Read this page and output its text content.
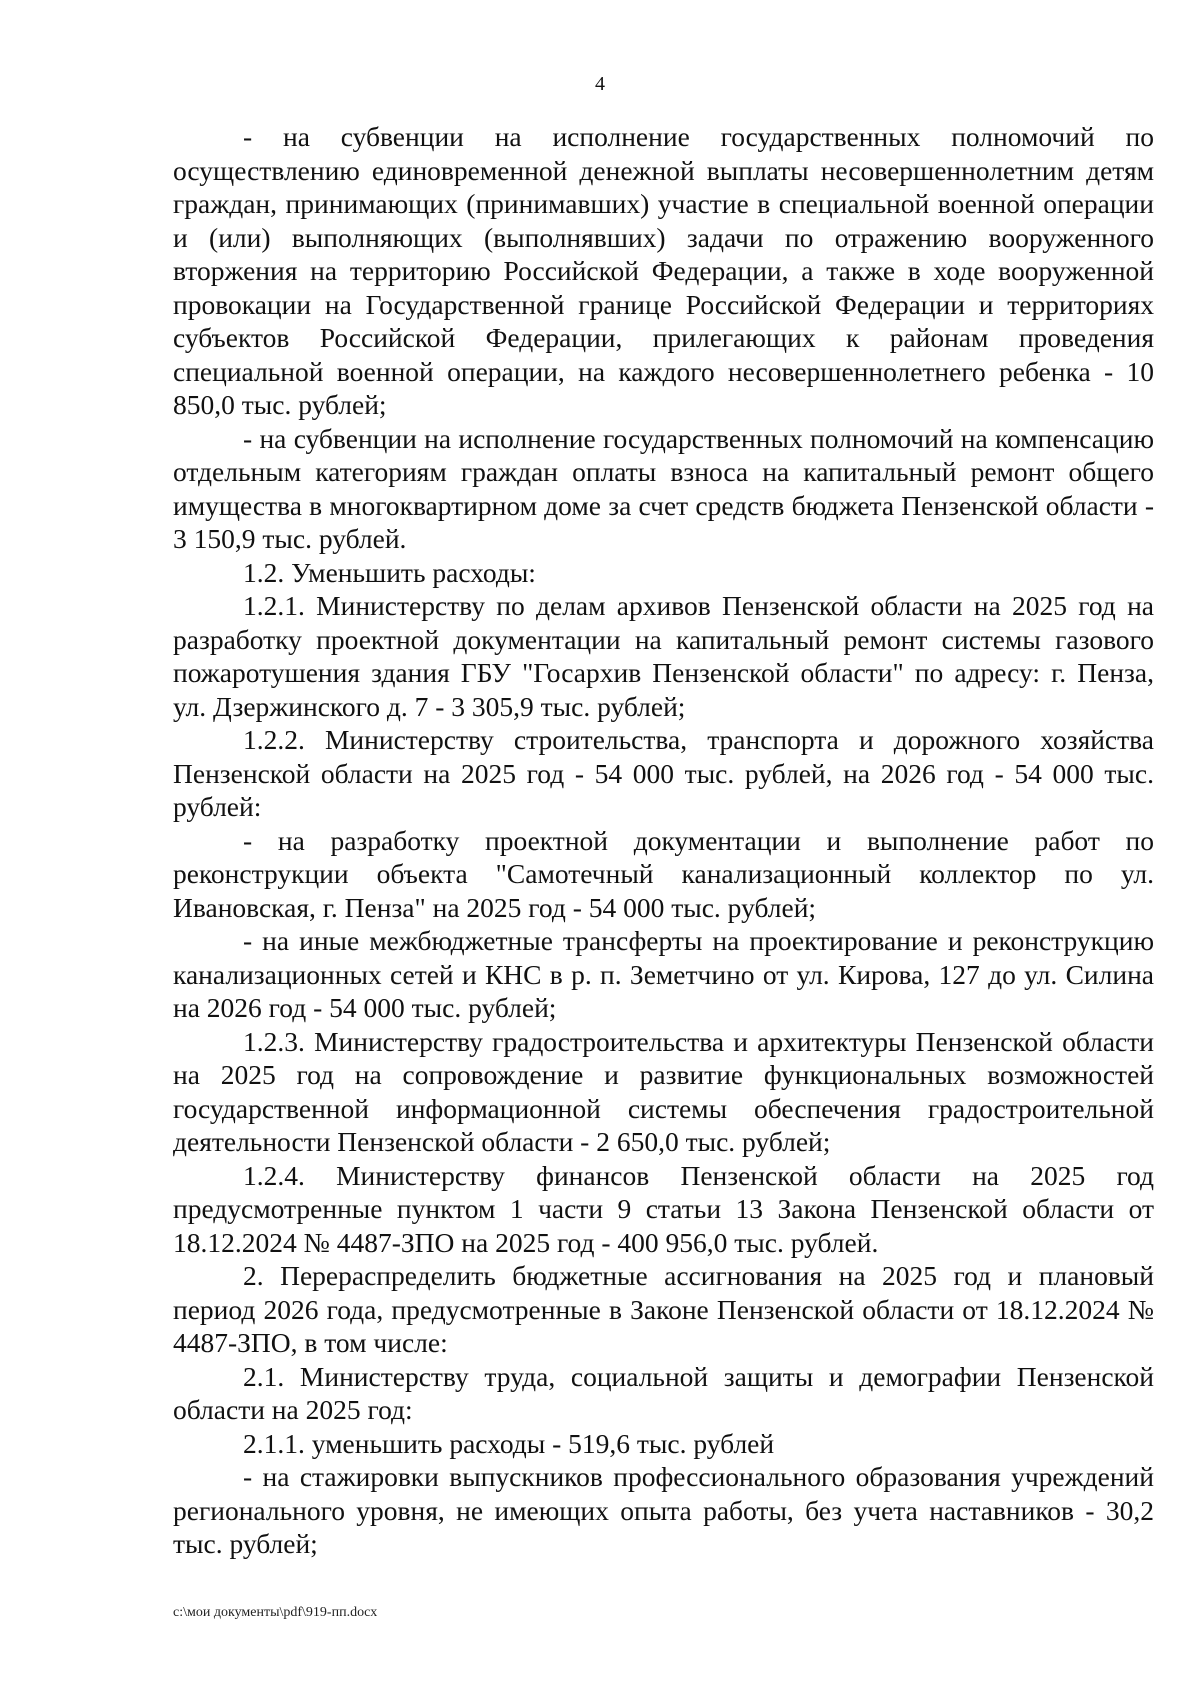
4

- на субвенции на исполнение государственных полномочий по осуществлению единовременной денежной выплаты несовершеннолетним детям граждан, принимающих (принимавших) участие в специальной военной операции и (или) выполняющих (выполнявших) задачи по отражению вооруженного вторжения на территорию Российской Федерации, а также в ходе вооруженной провокации на Государственной границе Российской Федерации и территориях субъектов Российской Федерации, прилегающих к районам проведения специальной военной операции, на каждого несовершеннолетнего ребенка - 10 850,0 тыс. рублей;

- на субвенции на исполнение государственных полномочий на компенсацию отдельным категориям граждан оплаты взноса на капитальный ремонт общего имущества в многоквартирном доме за счет средств бюджета Пензенской области - 3 150,9 тыс. рублей.

1.2. Уменьшить расходы:

1.2.1. Министерству по делам архивов Пензенской области на 2025 год на разработку проектной документации на капитальный ремонт системы газового пожаротушения здания ГБУ "Госархив Пензенской области" по адресу: г. Пенза, ул. Дзержинского д. 7 - 3 305,9 тыс. рублей;

1.2.2. Министерству строительства, транспорта и дорожного хозяйства Пензенской области на 2025 год - 54 000 тыс. рублей, на 2026 год - 54 000 тыс. рублей:

- на разработку проектной документации и выполнение работ по реконструкции объекта "Самотечный канализационный коллектор по ул. Ивановская, г. Пенза" на 2025 год - 54 000 тыс. рублей;

- на иные межбюджетные трансферты на проектирование и реконструкцию канализационных сетей и КНС в р. п. Земетчино от ул. Кирова, 127 до ул. Силина на 2026 год - 54 000 тыс. рублей;

1.2.3. Министерству градостроительства и архитектуры Пензенской области на 2025 год на сопровождение и развитие функциональных возможностей государственной информационной системы обеспечения градостроительной деятельности Пензенской области - 2 650,0 тыс. рублей;

1.2.4. Министерству финансов Пензенской области на 2025 год предусмотренные пунктом 1 части 9 статьи 13 Закона Пензенской области от 18.12.2024 № 4487-ЗПО на 2025 год - 400 956,0 тыс. рублей.

2. Перераспределить бюджетные ассигнования на 2025 год и плановый период 2026 года, предусмотренные в Законе Пензенской области от 18.12.2024 № 4487-ЗПО, в том числе:

2.1. Министерству труда, социальной защиты и демографии Пензенской области на 2025 год:

2.1.1. уменьшить расходы - 519,6 тыс. рублей

- на стажировки выпускников профессионального образования учреждений регионального уровня, не имеющих опыта работы, без учета наставников - 30,2 тыс. рублей;

c:\мои документы\pdf\919-пп.docx
